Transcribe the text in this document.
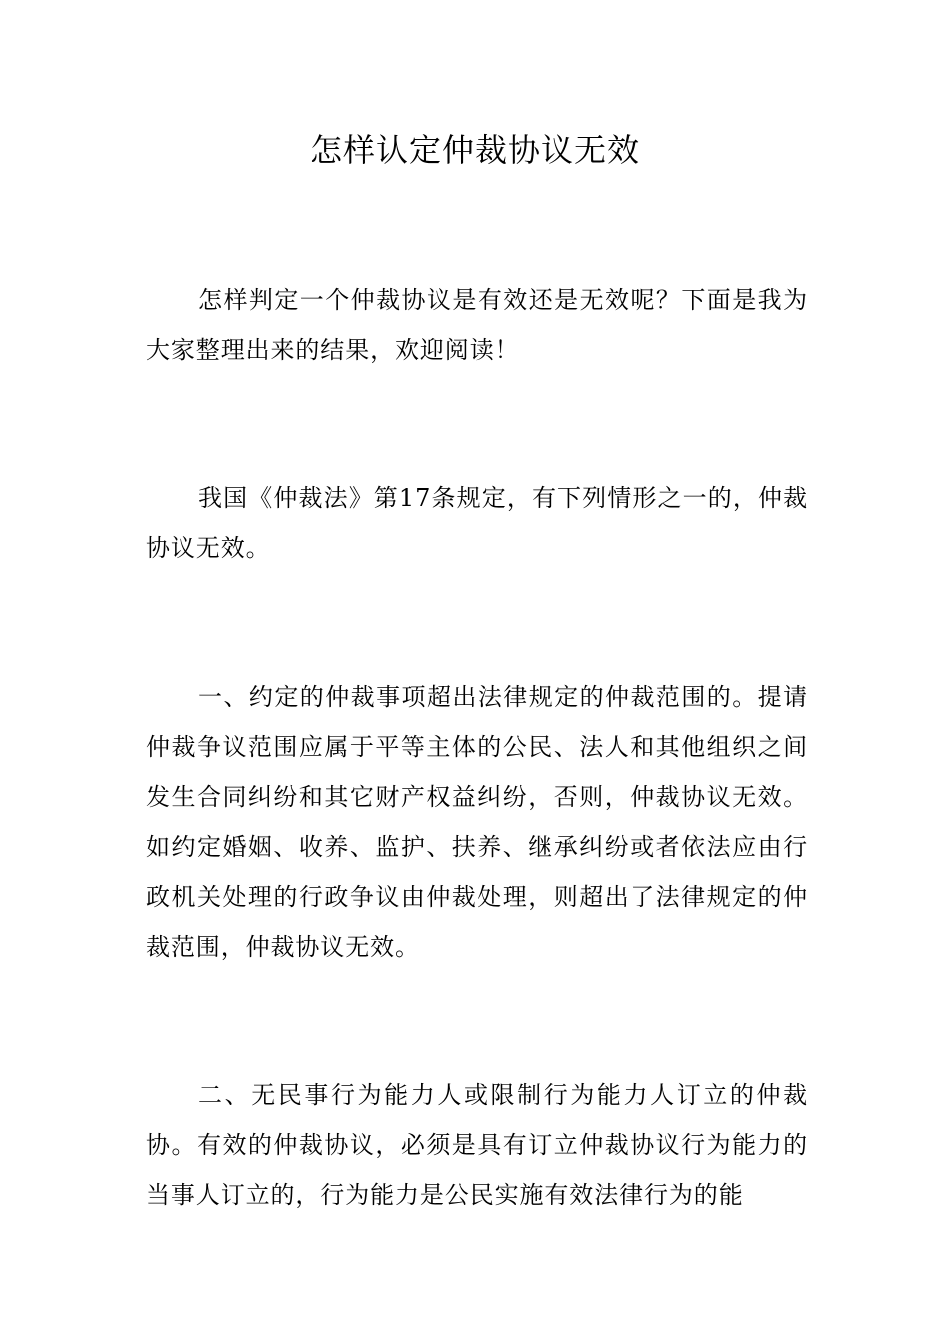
怎样认定仲裁协议无效

怎样判定一个仲裁协议是有效还是无效呢？下面是我为大家整理出来的结果，欢迎阅读！

我国《仲裁法》第17条规定，有下列情形之一的，仲裁协议无效。

一、约定的仲裁事项超出法律规定的仲裁范围的。提请仲裁争议范围应属于平等主体的公民、法人和其他组织之间发生合同纠纷和其它财产权益纠纷，否则，仲裁协议无效。如约定婚姻、收养、监护、扶养、继承纠纷或者依法应由行政机关处理的行政争议由仲裁处理，则超出了法律规定的仲裁范围，仲裁协议无效。

二、无民事行为能力人或限制行为能力人订立的仲裁协。有效的仲裁协议，必须是具有订立仲裁协议行为能力的当事人订立的，行为能力是公民实施有效法律行为的能
